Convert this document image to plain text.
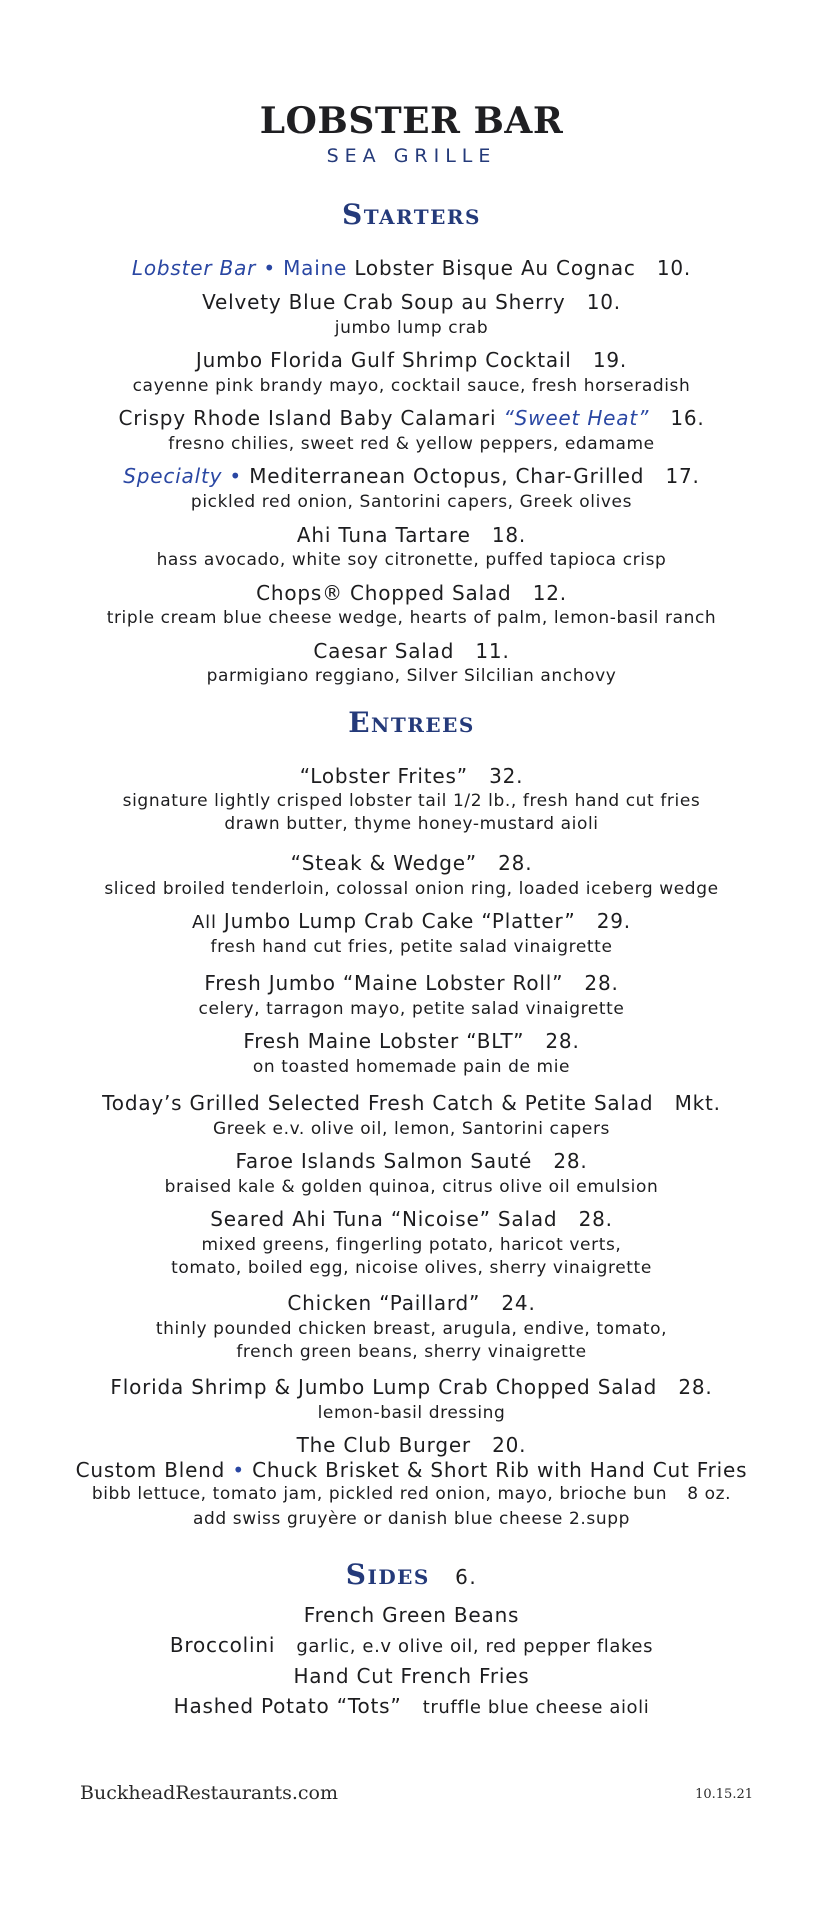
LOBSTER BAR
SEA GRILLE
Starters
Lobster Bar • Maine Lobster Bisque Au Cognac 10.
Velvety Blue Crab Soup au Sherry 10.
jumbo lump crab
Jumbo Florida Gulf Shrimp Cocktail 19.
cayenne pink brandy mayo, cocktail sauce, fresh horseradish
Crispy Rhode Island Baby Calamari “Sweet Heat” 16.
fresno chilies, sweet red & yellow peppers, edamame
Specialty • Mediterranean Octopus, Char-Grilled 17.
pickled red onion, Santorini capers, Greek olives
Ahi Tuna Tartare 18.
hass avocado, white soy citronette, puffed tapioca crisp
Chops® Chopped Salad 12.
triple cream blue cheese wedge, hearts of palm, lemon-basil ranch
Caesar Salad 11.
parmigiano reggiano, Silver Silcilian anchovy
Entrees
“Lobster Frites” 32.
signature lightly crisped lobster tail 1/2 lb., fresh hand cut fries
drawn butter, thyme honey-mustard aioli
“Steak & Wedge” 28.
sliced broiled tenderloin, colossal onion ring, loaded iceberg wedge
All Jumbo Lump Crab Cake “Platter” 29.
fresh hand cut fries, petite salad vinaigrette
Fresh Jumbo “Maine Lobster Roll” 28.
celery, tarragon mayo, petite salad vinaigrette
Fresh Maine Lobster “BLT” 28.
on toasted homemade pain de mie
Today’s Grilled Selected Fresh Catch & Petite Salad Mkt.
Greek e.v. olive oil, lemon, Santorini capers
Faroe Islands Salmon Sauté 28.
braised kale & golden quinoa, citrus olive oil emulsion
Seared Ahi Tuna “Nicoise” Salad 28.
mixed greens, fingerling potato, haricot verts,
tomato, boiled egg, nicoise olives, sherry vinaigrette
Chicken “Paillard” 24.
thinly pounded chicken breast, arugula, endive, tomato,
french green beans, sherry vinaigrette
Florida Shrimp & Jumbo Lump Crab Chopped Salad 28.
lemon-basil dressing
The Club Burger 20.
Custom Blend • Chuck Brisket & Short Rib with Hand Cut Fries
bibb lettuce, tomato jam, pickled red onion, mayo, brioche bun 8 oz.
add swiss gruyère or danish blue cheese 2.supp
Sides 6.
French Green Beans
Broccolini garlic, e.v olive oil, red pepper flakes
Hand Cut French Fries
Hashed Potato “Tots” truffle blue cheese aioli
BuckheadRestaurants.com	10.15.21
